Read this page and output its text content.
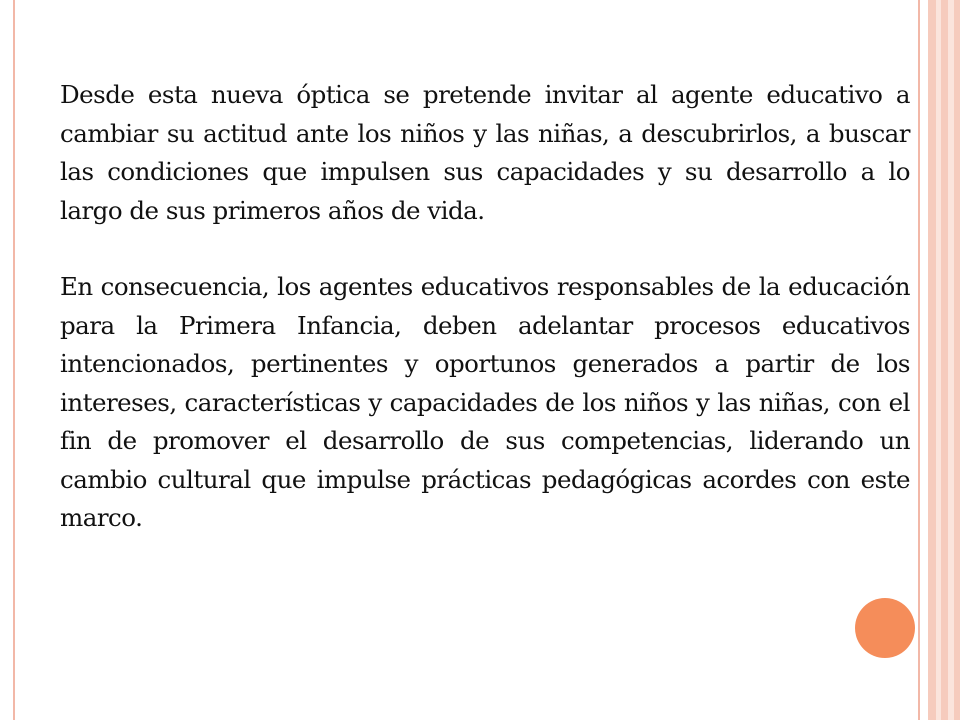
Desde esta nueva óptica se pretende invitar al agente educativo a cambiar su actitud ante los niños y las niñas, a descubrirlos, a buscar las condiciones que impulsen sus capacidades y su desarrollo a lo largo de sus primeros años de vida.

En consecuencia, los agentes educativos responsables de la educación para la Primera Infancia, deben adelantar procesos educativos intencionados, pertinentes y oportunos generados a partir de los intereses, características y capacidades de los niños y las niñas, con el fin de promover el desarrollo de sus competencias, liderando un cambio cultural que impulse prácticas pedagógicas acordes con este marco.
